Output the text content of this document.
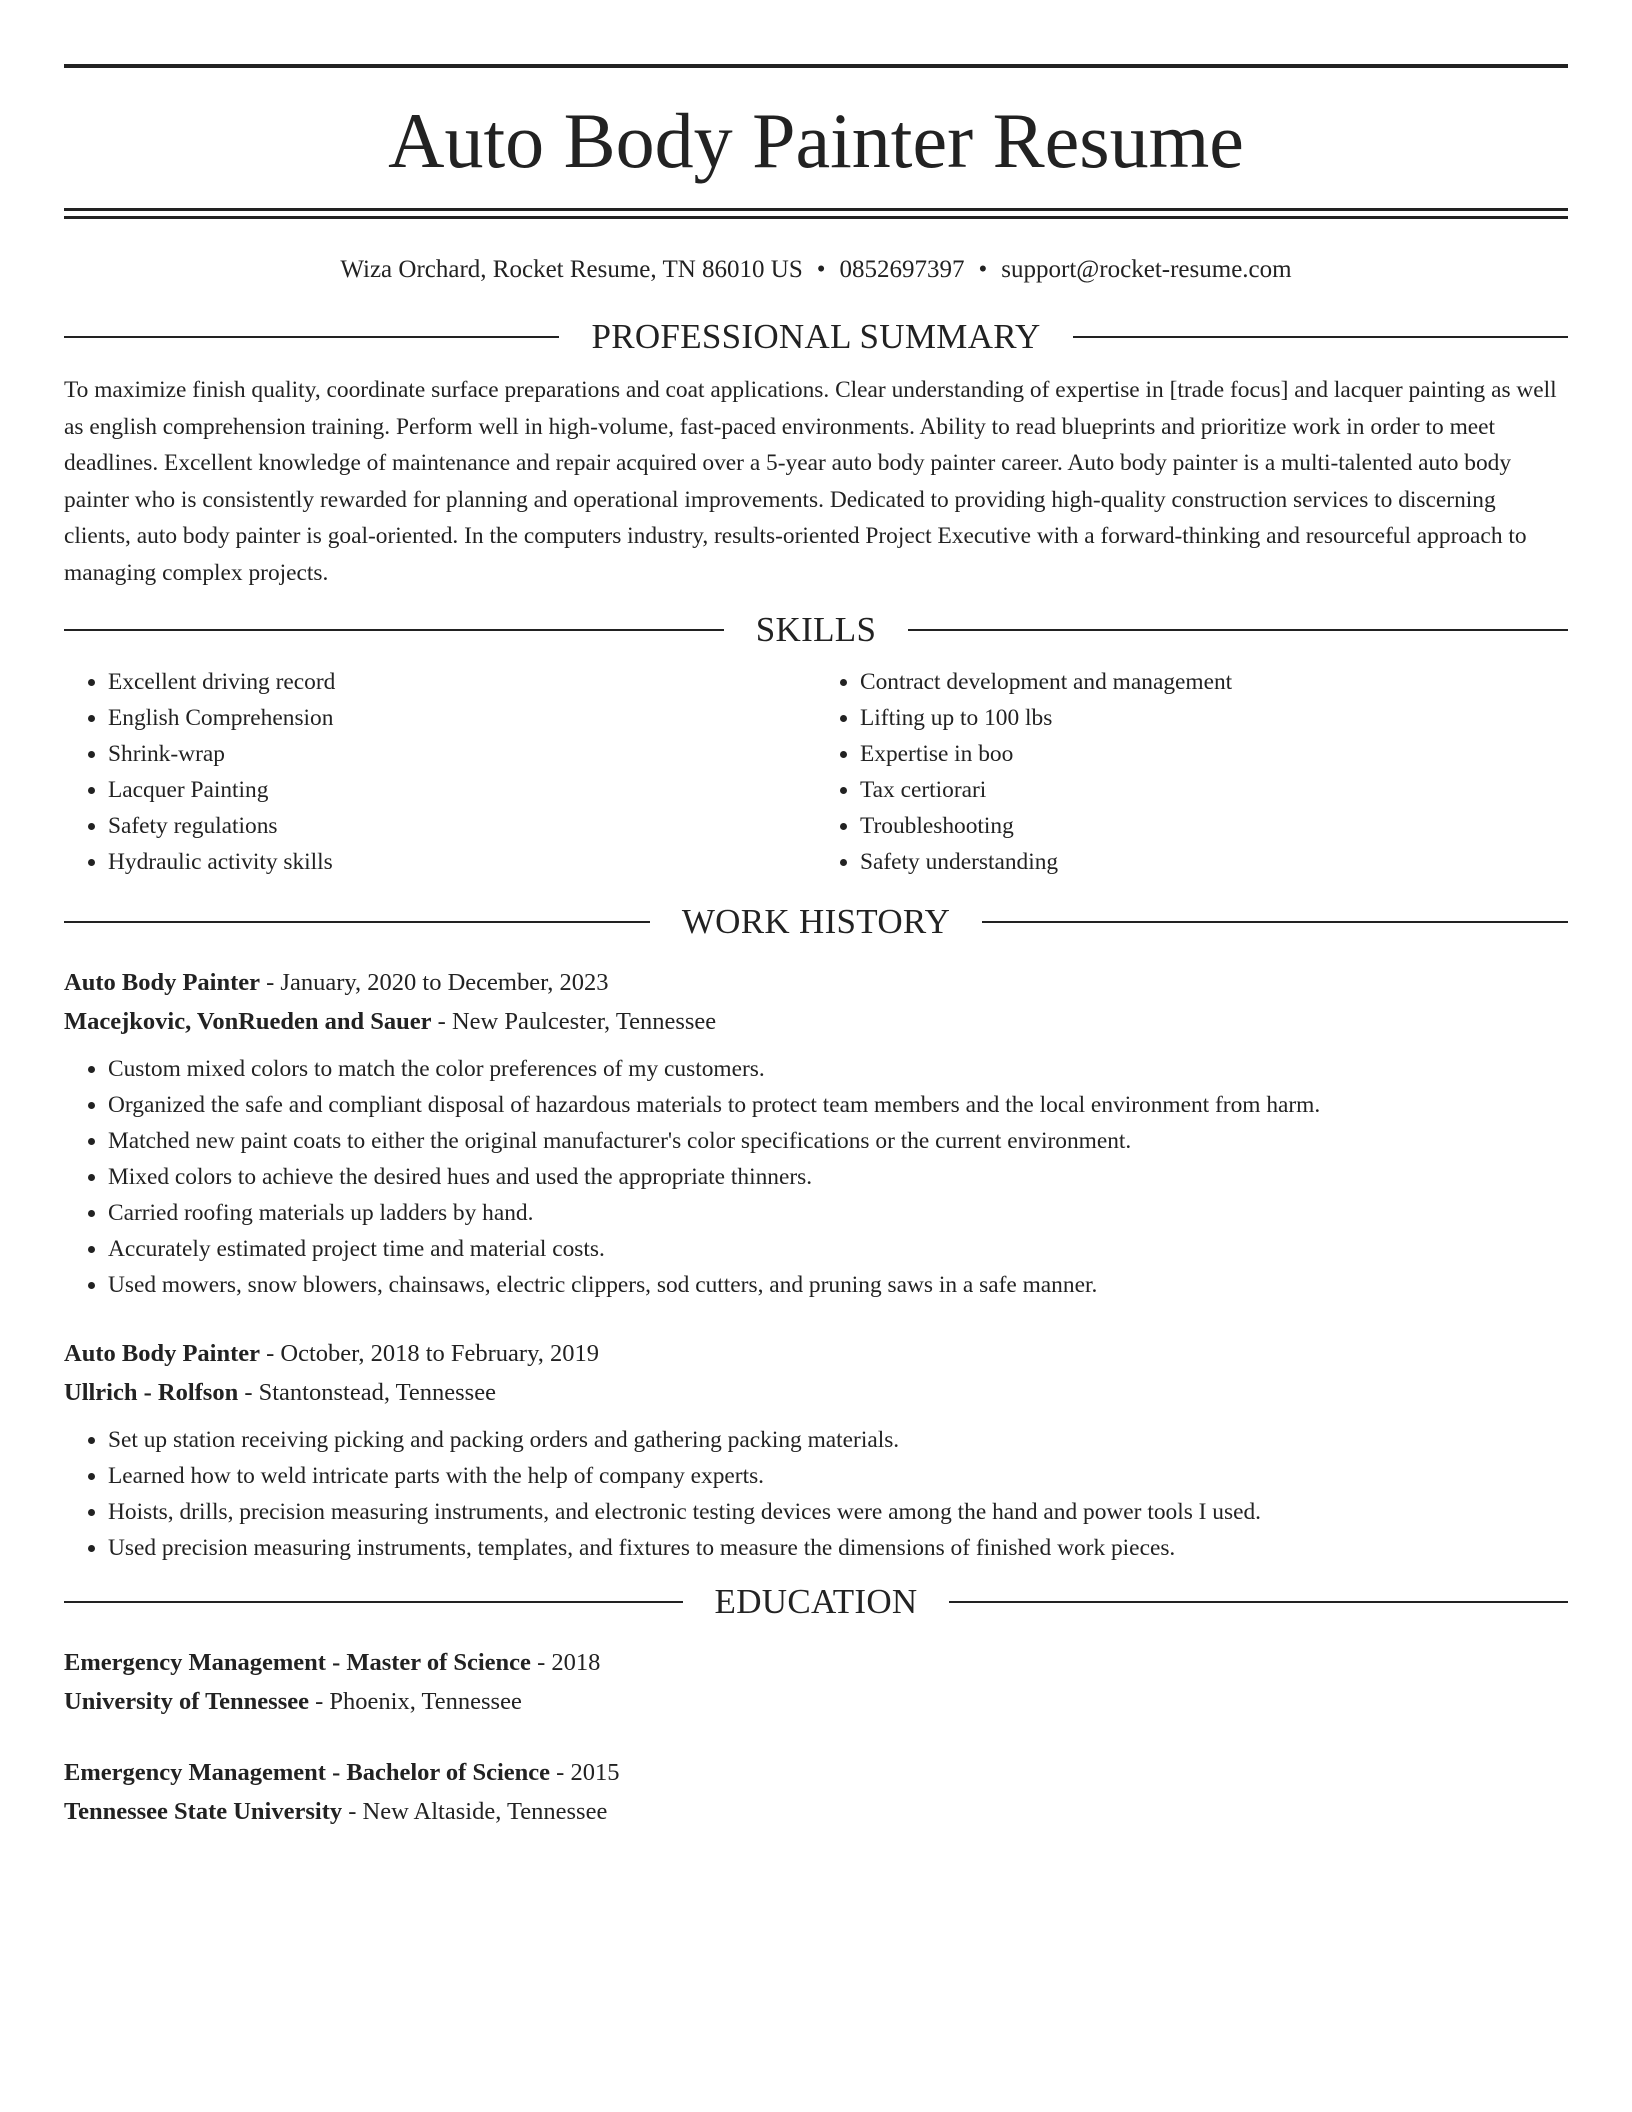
Auto Body Painter Resume
Wiza Orchard, Rocket Resume, TN 86010 US • 0852697397 • support@rocket-resume.com
PROFESSIONAL SUMMARY

To maximize finish quality, coordinate surface preparations and coat applications. Clear understanding of expertise in [trade focus] and lacquer painting as well as english comprehension training. Perform well in high-volume, fast-paced environments. Ability to read blueprints and prioritize work in order to meet deadlines. Excellent knowledge of maintenance and repair acquired over a 5-year auto body painter career. Auto body painter is a multi-talented auto body painter who is consistently rewarded for planning and operational improvements. Dedicated to providing high-quality construction services to discerning clients, auto body painter is goal-oriented. In the computers industry, results-oriented Project Executive with a forward-thinking and resourceful approach to managing complex projects.

SKILLS
• Excellent driving record
• English Comprehension
• Shrink-wrap
• Lacquer Painting
• Safety regulations
• Hydraulic activity skills
• Contract development and management
• Lifting up to 100 lbs
• Expertise in boo
• Tax certiorari
• Troubleshooting
• Safety understanding
WORK HISTORY
Auto Body Painter - January, 2020 to December, 2023
Macejkovic, VonRueden and Sauer - New Paulcester, Tennessee
• Custom mixed colors to match the color preferences of my customers.
• Organized the safe and compliant disposal of hazardous materials to protect team members and the local environment from harm.
• Matched new paint coats to either the original manufacturer's color specifications or the current environment.
• Mixed colors to achieve the desired hues and used the appropriate thinners.
• Carried roofing materials up ladders by hand.
• Accurately estimated project time and material costs.
• Used mowers, snow blowers, chainsaws, electric clippers, sod cutters, and pruning saws in a safe manner.
Auto Body Painter - October, 2018 to February, 2019
Ullrich - Rolfson - Stantonstead, Tennessee
• Set up station receiving picking and packing orders and gathering packing materials.
• Learned how to weld intricate parts with the help of company experts.
• Hoists, drills, precision measuring instruments, and electronic testing devices were among the hand and power tools I used.
• Used precision measuring instruments, templates, and fixtures to measure the dimensions of finished work pieces.
EDUCATION
Emergency Management - Master of Science - 2018
University of Tennessee - Phoenix, Tennessee
Emergency Management - Bachelor of Science - 2015
Tennessee State University - New Altaside, Tennessee
